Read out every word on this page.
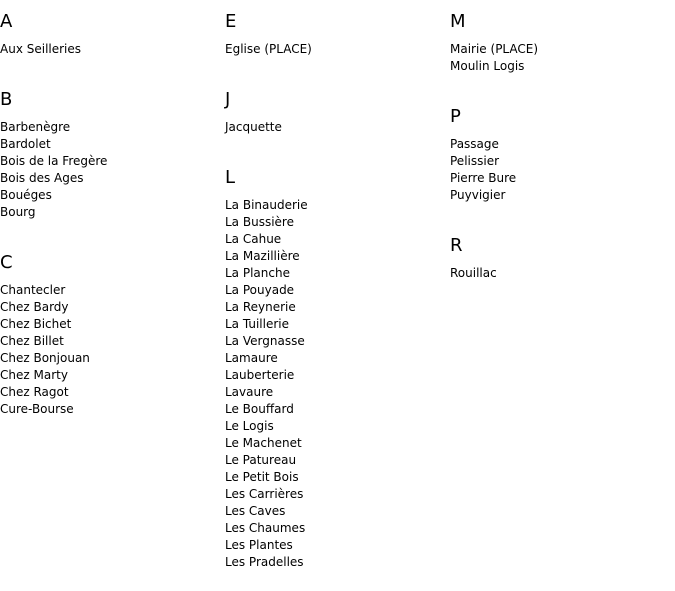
A
Aux Seilleries
B
Barbenègre
Bardolet
Bois de la Fregère
Bois des Ages
Bouéges
Bourg
C
Chantecler
Chez Bardy
Chez Bichet
Chez Billet
Chez Bonjouan
Chez Marty
Chez Ragot
Cure-Bourse
E
Eglise (PLACE)
J
Jacquette
L
La Binauderie
La Bussière
La Cahue
La Mazillière
La Planche
La Pouyade
La Reynerie
La Tuillerie
La Vergnasse
Lamaure
Lauberterie
Lavaure
Le Bouffard
Le Logis
Le Machenet
Le Patureau
Le Petit Bois
Les Carrières
Les Caves
Les Chaumes
Les Plantes
Les Pradelles
M
Mairie (PLACE)
Moulin Logis
P
Passage
Pelissier
Pierre Bure
Puyvigier
R
Rouillac
